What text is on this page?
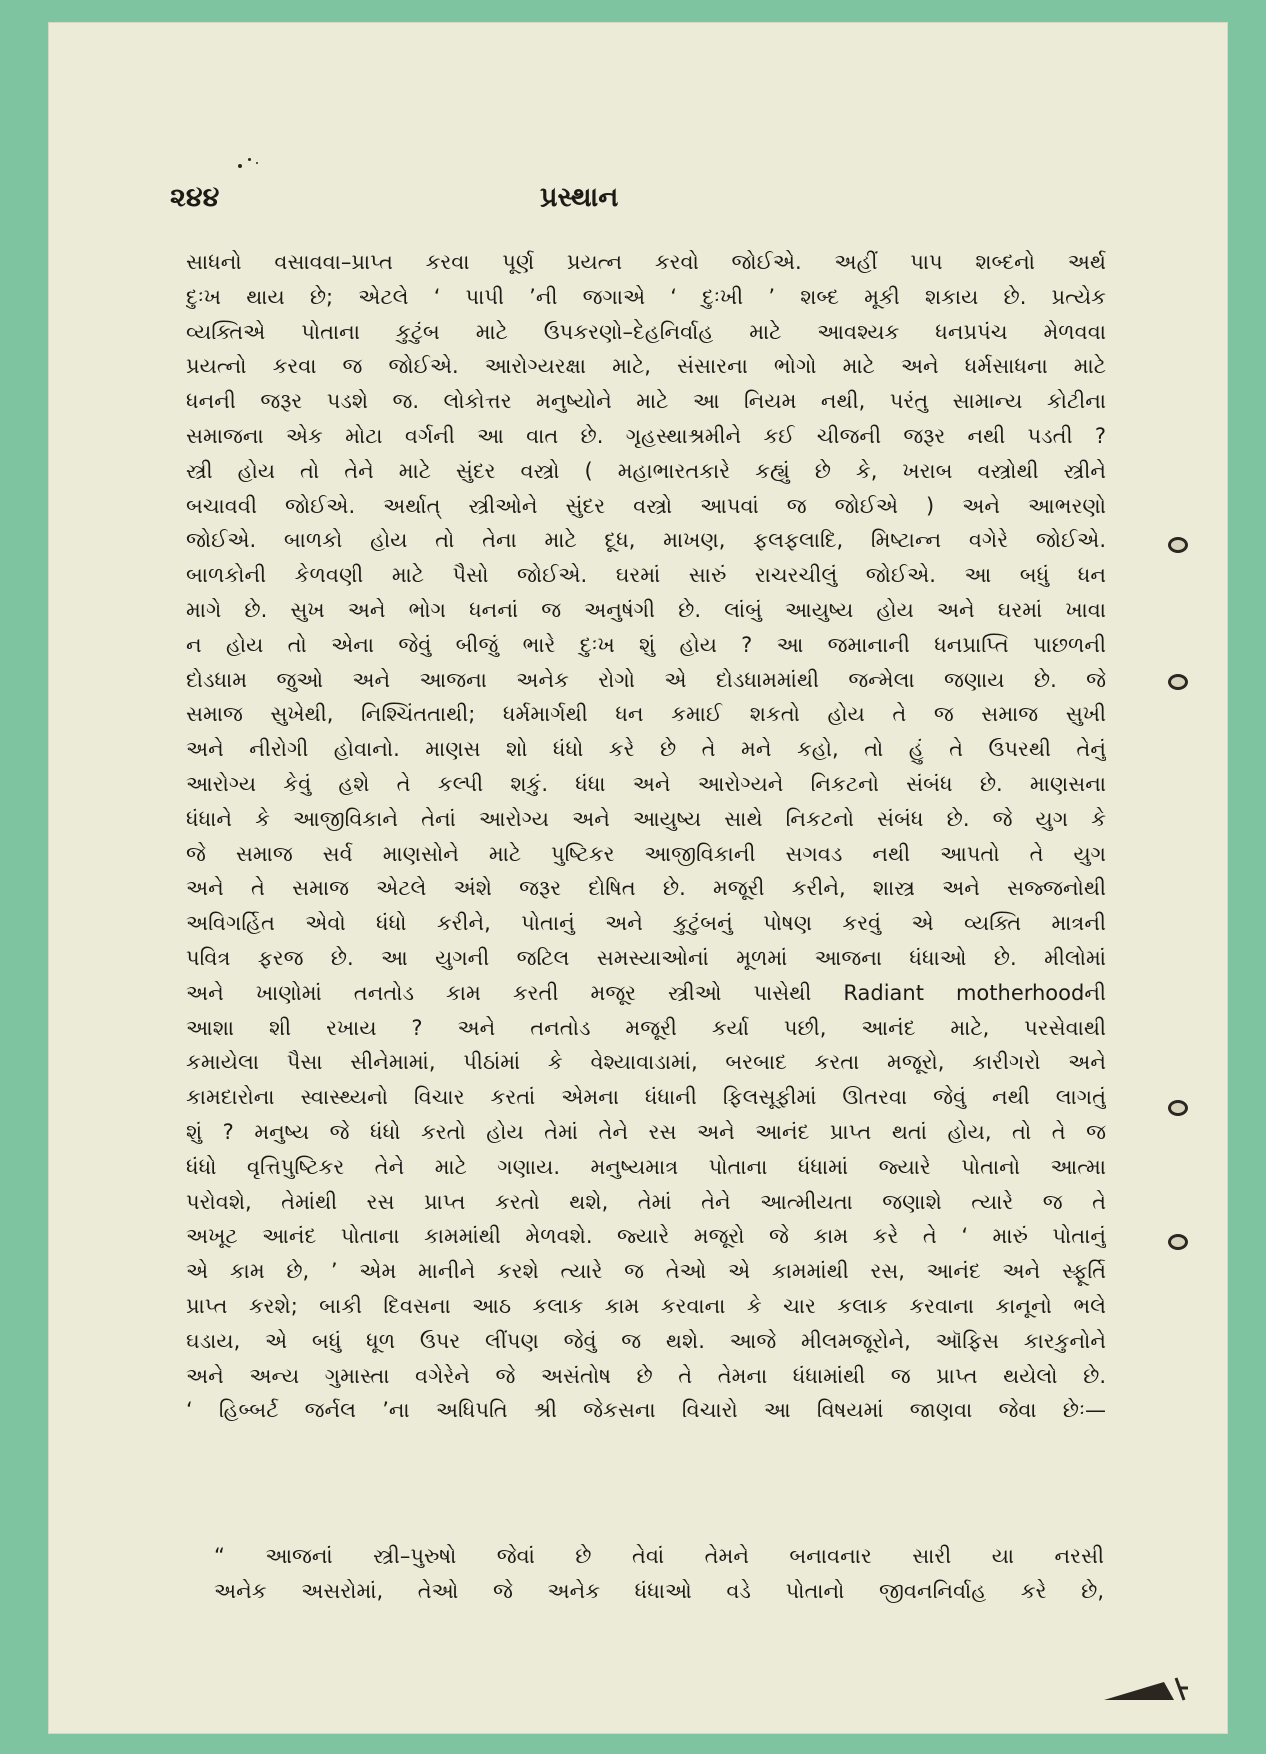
૨૪૪	પ્રસ્થાન
સાધનો વસાવવા–પ્રાપ્ત કરવા પૂર્ણ પ્રયત્ન કરવો જોઈએ. અહીં પાપ શબ્દનો અર્થ
દુઃખ થાય છે; એટલે ‘ પાપી ’ની જગાએ ‘ દુઃખી ’ શબ્દ મૂકી શકાય છે. પ્રત્યેક
વ્યક્તિએ પોતાના કુટુંબ માટે ઉપકરણો–દેહનિર્વાહ માટે આવશ્યક ધનપ્રપંચ મેળવવા
પ્રયત્નો કરવા જ જોઈએ. આરોગ્યરક્ષા માટે, સંસારના ભોગો માટે અને ધર્મસાધના માટે
ધનની જરૂર પડશે જ. લોકોત્તર મનુષ્યોને માટે આ નિયમ નથી, પરંતુ સામાન્ય કોટીના
સમાજના એક મોટા વર્ગની આ વાત છે. ગૃહસ્થાશ્રમીને કઈ ચીજની જરૂર નથી પડતી ?
સ્ત્રી હોય તો તેને માટે સુંદર વસ્ત્રો ( મહાભારતકારે કહ્યું છે કે, ખરાબ વસ્ત્રોથી સ્ત્રીને
બચાવવી જોઈએ. અર્થાત્ સ્ત્રીઓને સુંદર વસ્ત્રો આપવાં જ જોઈએ ) અને આભરણો
જોઈએ. બાળકો હોય તો તેના માટે દૂધ, માખણ, ફલફલાદિ, મિષ્ટાન્ન વગેરે જોઈએ.
બાળકોની કેળવણી માટે પૈસો જોઈએ. ઘરમાં સારું રાચરચીલું જોઈએ. આ બધું ધન
માગે છે. સુખ અને ભોગ ધનનાં જ અનુષંગી છે. લાંબું આયુષ્ય હોય અને ઘરમાં ખાવા
ન હોય તો એના જેવું બીજું ભારે દુઃખ શું હોય ? આ જમાનાની ધનપ્રાપ્તિ પાછળની
દોડધામ જુઓ અને આજના અનેક રોગો એ દોડધામમાંથી જન્મેલા જણાય છે. જે
સમાજ સુખેથી, નિશ્ચિંતતાથી; ધર્મમાર્ગથી ધન કમાઈ શકતો હોય તે જ સમાજ સુખી
અને નીરોગી હોવાનો. માણસ શો ધંધો કરે છે તે મને કહો, તો હું તે ઉપરથી તેનું
આરોગ્ય કેવું હશે તે કલ્પી શકું. ધંધા અને આરોગ્યને નિકટનો સંબંધ છે. માણસના
ધંધાને કે આજીવિકાને તેનાં આરોગ્ય અને આયુષ્ય સાથે નિકટનો સંબંધ છે. જે યુગ કે
જે સમાજ સર્વ માણસોને માટે પુષ્ટિકર આજીવિકાની સગવડ નથી આપતો તે યુગ
અને તે સમાજ એટલે અંશે જરૂર દોષિત છે. મજૂરી કરીને, શાસ્ત્ર અને સજ્જનોથી
અવિગર્હિત એવો ધંધો કરીને, પોતાનું અને કુટુંબનું પોષણ કરવું એ વ્યક્તિ માત્રની
પવિત્ર ફરજ છે. આ યુગની જટિલ સમસ્યાઓનાં મૂળમાં આજના ધંધાઓ છે. મીલોમાં
અને ખાણોમાં તનતોડ કામ કરતી મજૂર સ્ત્રીઓ પાસેથી Radiant motherhoodની
આશા શી રખાય ? અને તનતોડ મજૂરી કર્યા પછી, આનંદ માટે, પરસેવાથી
કમાયેલા પૈસા સીનેમામાં, પીઠાંમાં કે વેશ્યાવાડામાં, બરબાદ કરતા મજૂરો, કારીગરો અને
કામદારોના સ્વાસ્થ્યનો વિચાર કરતાં એમના ધંધાની ફિલસૂફીમાં ઊતરવા જેવું નથી લાગતું
શું ? મનુષ્ય જે ધંધો કરતો હોય તેમાં તેને રસ અને આનંદ પ્રાપ્ત થતાં હોય, તો તે જ
ધંધો વૃત્તિપુષ્ટિકર તેને માટે ગણાય. મનુષ્યમાત્ર પોતાના ધંધામાં જ્યારે પોતાનો આત્મા
પરોવશે, તેમાંથી રસ પ્રાપ્ત કરતો થશે, તેમાં તેને આત્મીયતા જણાશે ત્યારે જ તે
અખૂટ આનંદ પોતાના કામમાંથી મેળવશે. જ્યારે મજૂરો જે કામ કરે તે ‘ મારું પોતાનું
એ કામ છે, ’ એમ માનીને કરશે ત્યારે જ તેઓ એ કામમાંથી રસ, આનંદ અને સ્ફૂર્તિ
પ્રાપ્ત કરશે; બાકી દિવસના આઠ કલાક કામ કરવાના કે ચાર કલાક કરવાના કાનૂનો ભલે
ઘડાય, એ બધું ધૂળ ઉપર લીંપણ જેવું જ થશે. આજે મીલમજૂરોને, ઑફિસ કારકુનોને
અને અન્ય ગુમાસ્તા વગેરેને જે અસંતોષ છે તે તેમના ધંધામાંથી જ પ્રાપ્ત થયેલો છે.
‘ હિબ્બર્ટ જર્નલ ’ના અધિપતિ શ્રી જેકસના વિચારો આ વિષયમાં જાણવા જેવા છેઃ—
“ આજનાં સ્ત્રી–પુરુષો જેવાં છે તેવાં તેમને બનાવનાર સારી યા નરસી
અનેક અસરોમાં, તેઓ જે અનેક ધંધાઓ વડે પોતાનો જીવનનિર્વાહ કરે છે,
